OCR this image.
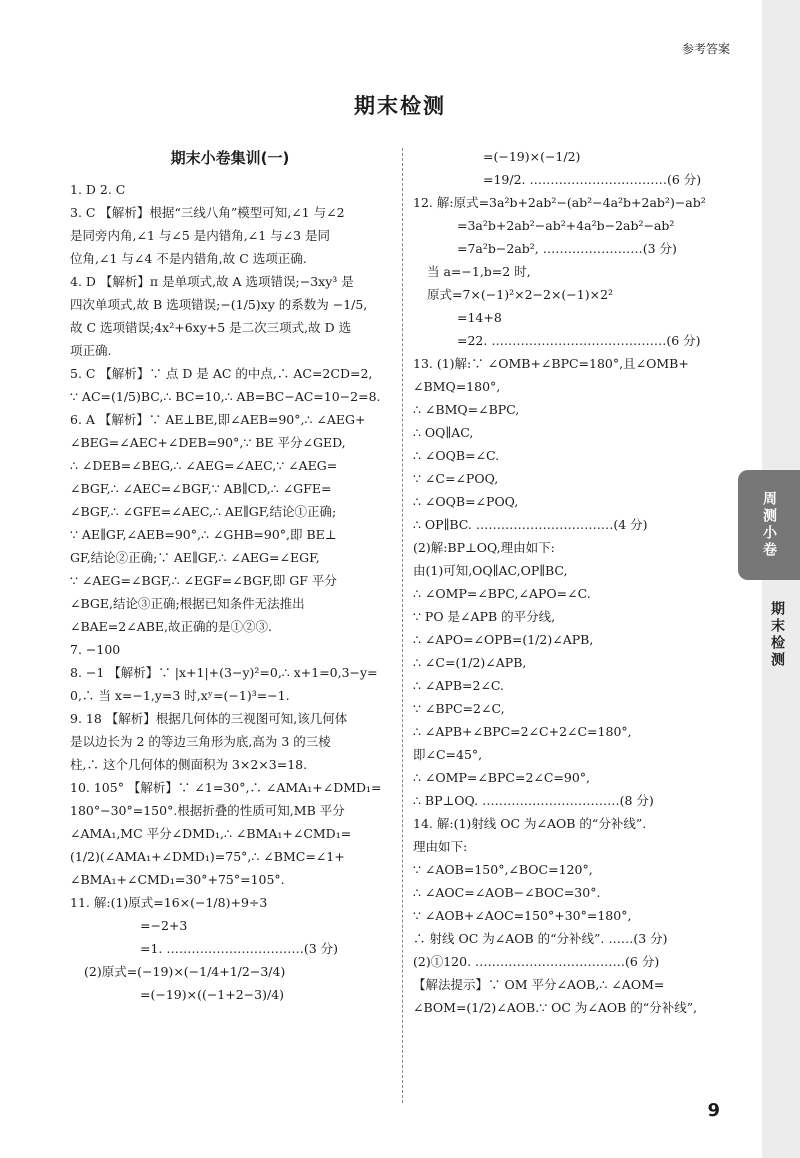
参考答案
期末检测
期末小卷集训(一)
1. D 2. C
3. C 【解析】根据“三线八角”模型可知,∠1 与∠2
是同旁内角,∠1 与∠5 是内错角,∠1 与∠3 是同
位角,∠1 与∠4 不是内错角,故 C 选项正确.
4. D 【解析】π 是单项式,故 A 选项错误;−3xy³ 是
四次单项式,故 B 选项错误;−(1/5)xy 的系数为 −1/5,
故 C 选项错误;4x²+6xy+5 是二次三项式,故 D 选
项正确.
5. C 【解析】∵ 点 D 是 AC 的中点,∴ AC=2CD=2,
∵ AC=(1/5)BC,∴ BC=10,∴ AB=BC−AC=10−2=8.
6. A 【解析】∵ AE⊥BE,即∠AEB=90°,∴ ∠AEG+
∠BEG=∠AEC+∠DEB=90°,∵ BE 平分∠GED,
∴ ∠DEB=∠BEG,∴ ∠AEG=∠AEC,∵ ∠AEG=
∠BGF,∴ ∠AEC=∠BGF,∵ AB∥CD,∴ ∠GFE=
∠BGF,∴ ∠GFE=∠AEC,∴ AE∥GF,结论①正确;
∵ AE∥GF,∠AEB=90°,∴ ∠GHB=90°,即 BE⊥
GF,结论②正确;∵ AE∥GF,∴ ∠AEG=∠EGF,
∵ ∠AEG=∠BGF,∴ ∠EGF=∠BGF,即 GF 平分
∠BGE,结论③正确;根据已知条件无法推出
∠BAE=2∠ABE,故正确的是①②③.
7. −100
8. −1 【解析】∵ |x+1|+(3−y)²=0,∴ x+1=0,3−y=
0,∴ 当 x=−1,y=3 时,xʸ=(−1)³=−1.
9. 18 【解析】根据几何体的三视图可知,该几何体
是以边长为 2 的等边三角形为底,高为 3 的三棱
柱,∴ 这个几何体的侧面积为 3×2×3=18.
10. 105° 【解析】∵ ∠1=30°,∴ ∠AMA₁+∠DMD₁=
180°−30°=150°.根据折叠的性质可知,MB 平分
∠AMA₁,MC 平分∠DMD₁,∴ ∠BMA₁+∠CMD₁=
(1/2)(∠AMA₁+∠DMD₁)=75°,∴ ∠BMC=∠1+
∠BMA₁+∠CMD₁=30°+75°=105°.
11. 解:(1)原式=16×(−1/8)+9÷3
=−2+3
=1. ……………………………(3 分)
(2)原式=(−19)×(−1/4+1/2−3/4)
=(−19)×((−1+2−3)/4)
=(−19)×(−1/2)
=19/2. ……………………………(6 分)
12. 解:原式=3a²b+2ab²−(ab²−4a²b+2ab²)−ab²
=3a²b+2ab²−ab²+4a²b−2ab²−ab²
=7a²b−2ab², ……………………(3 分)
当 a=−1,b=2 时,
原式=7×(−1)²×2−2×(−1)×2²
=14+8
=22. ……………………………………(6 分)
13. (1)解:∵ ∠OMB+∠BPC=180°,且∠OMB+
∠BMQ=180°,
∴ ∠BMQ=∠BPC,
∴ OQ∥AC,
∴ ∠OQB=∠C.
∵ ∠C=∠POQ,
∴ ∠OQB=∠POQ,
∴ OP∥BC. ……………………………(4 分)
(2)解:BP⊥OQ,理由如下:
由(1)可知,OQ∥AC,OP∥BC,
∴ ∠OMP=∠BPC,∠APO=∠C.
∵ PO 是∠APB 的平分线,
∴ ∠APO=∠OPB=(1/2)∠APB,
∴ ∠C=(1/2)∠APB,
∴ ∠APB=2∠C.
∵ ∠BPC=2∠C,
∴ ∠APB+∠BPC=2∠C+2∠C=180°,
即∠C=45°,
∴ ∠OMP=∠BPC=2∠C=90°,
∴ BP⊥OQ. ……………………………(8 分)
14. 解:(1)射线 OC 为∠AOB 的“分补线”.
理由如下:
∵ ∠AOB=150°,∠BOC=120°,
∴ ∠AOC=∠AOB−∠BOC=30°.
∵ ∠AOB+∠AOC=150°+30°=180°,
∴ 射线 OC 为∠AOB 的“分补线”. ……(3 分)
(2)①120. ………………………………(6 分)
【解法提示】∵ OM 平分∠AOB,∴ ∠AOM=
∠BOM=(1/2)∠AOB.∵ OC 为∠AOB 的“分补线”,
周测小卷
期末检测
9
